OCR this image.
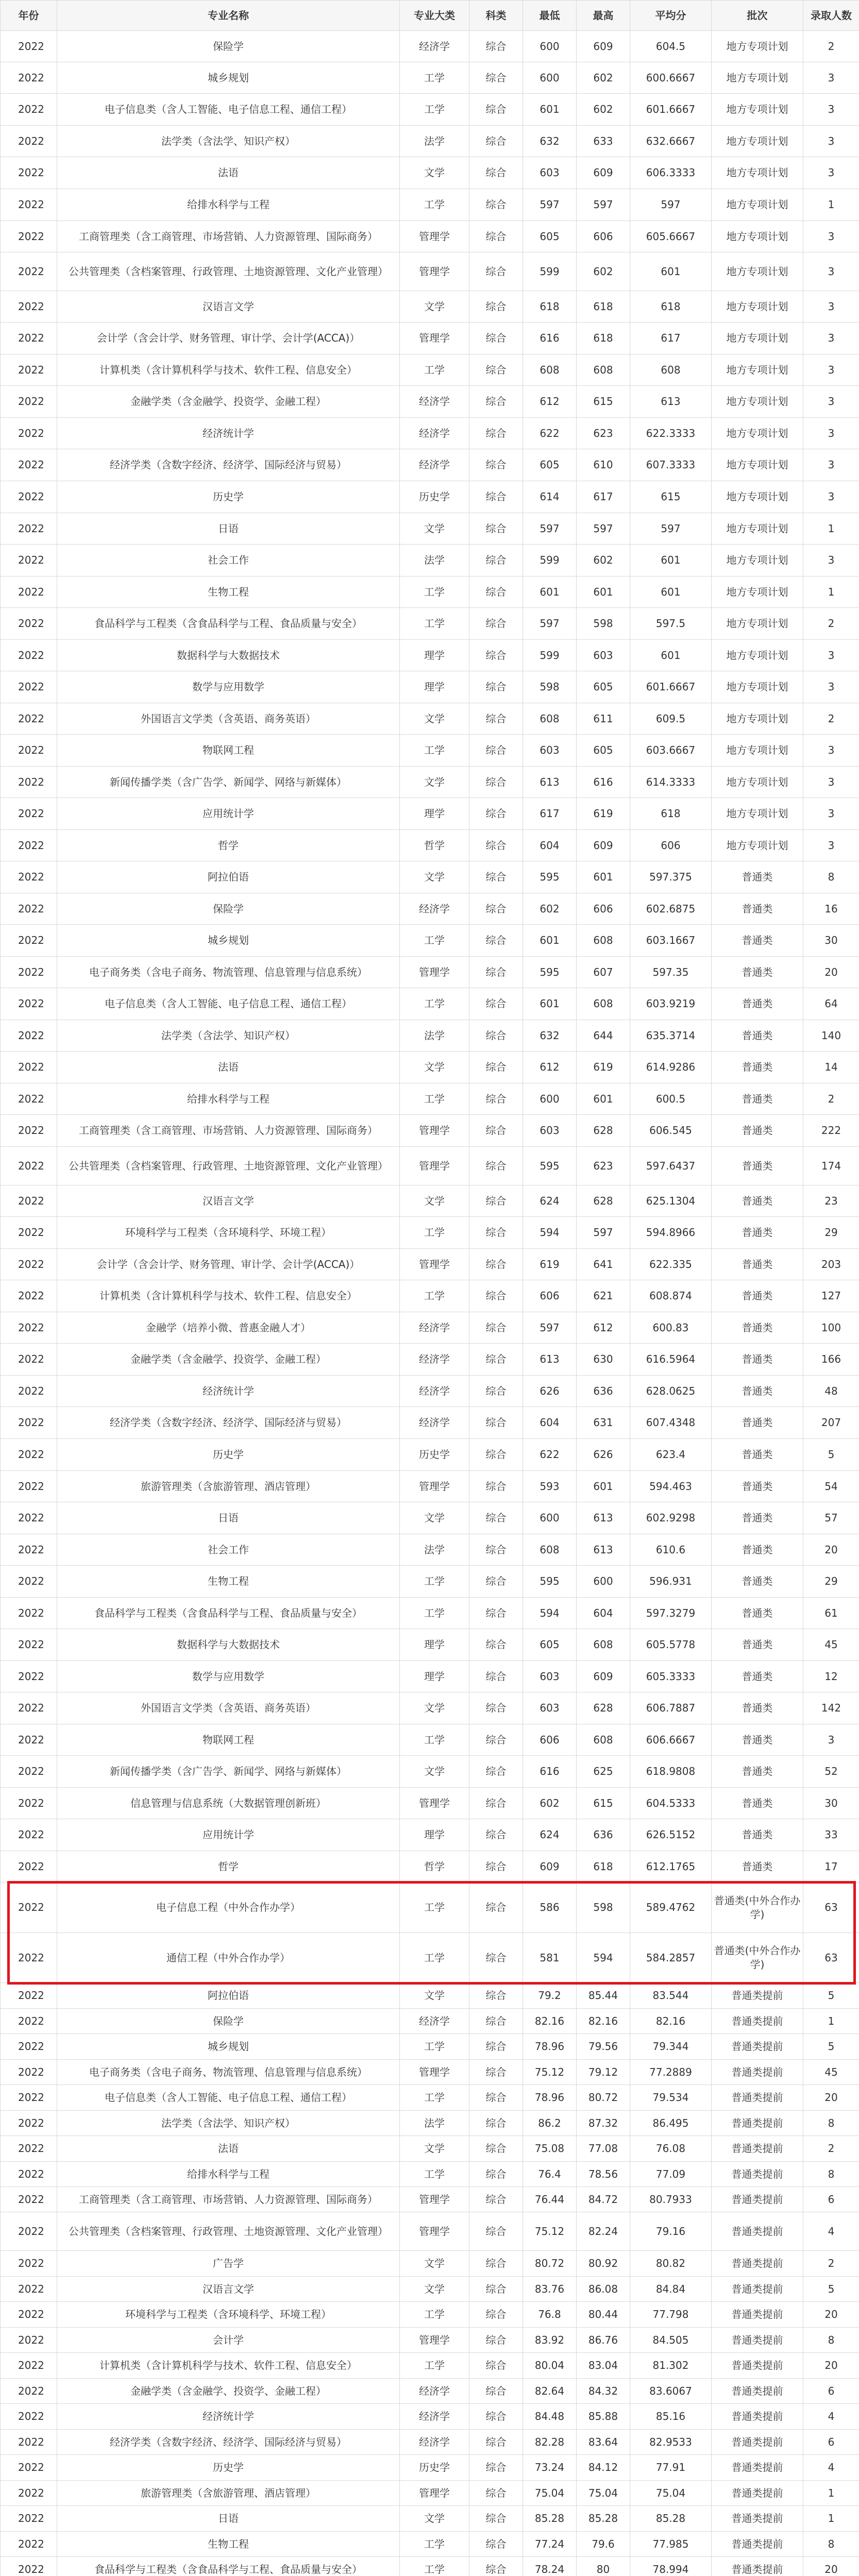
年份	专业名称	专业大类	科类	最低	最高	平均分	批次	录取人数
2022	保险学	经济学	综合	600	609	604.5	地方专项计划	2
2022	城乡规划	工学	综合	600	602	600.6667	地方专项计划	3
2022	电子信息类（含人工智能、电子信息工程、通信工程）	工学	综合	601	602	601.6667	地方专项计划	3
2022	法学类（含法学、知识产权）	法学	综合	632	633	632.6667	地方专项计划	3
2022	法语	文学	综合	603	609	606.3333	地方专项计划	3
2022	给排水科学与工程	工学	综合	597	597	597	地方专项计划	1
2022	工商管理类（含工商管理、市场营销、人力资源管理、国际商务）	管理学	综合	605	606	605.6667	地方专项计划	3
2022	公共管理类（含档案管理、行政管理、土地资源管理、文化产业管理）	管理学	综合	599	602	601	地方专项计划	3
2022	汉语言文学	文学	综合	618	618	618	地方专项计划	3
2022	会计学（含会计学、财务管理、审计学、会计学(ACCA)）	管理学	综合	616	618	617	地方专项计划	3
2022	计算机类（含计算机科学与技术、软件工程、信息安全）	工学	综合	608	608	608	地方专项计划	3
2022	金融学类（含金融学、投资学、金融工程）	经济学	综合	612	615	613	地方专项计划	3
2022	经济统计学	经济学	综合	622	623	622.3333	地方专项计划	3
2022	经济学类（含数字经济、经济学、国际经济与贸易）	经济学	综合	605	610	607.3333	地方专项计划	3
2022	历史学	历史学	综合	614	617	615	地方专项计划	3
2022	日语	文学	综合	597	597	597	地方专项计划	1
2022	社会工作	法学	综合	599	602	601	地方专项计划	3
2022	生物工程	工学	综合	601	601	601	地方专项计划	1
2022	食品科学与工程类（含食品科学与工程、食品质量与安全）	工学	综合	597	598	597.5	地方专项计划	2
2022	数据科学与大数据技术	理学	综合	599	603	601	地方专项计划	3
2022	数学与应用数学	理学	综合	598	605	601.6667	地方专项计划	3
2022	外国语言文学类（含英语、商务英语）	文学	综合	608	611	609.5	地方专项计划	2
2022	物联网工程	工学	综合	603	605	603.6667	地方专项计划	3
2022	新闻传播学类（含广告学、新闻学、网络与新媒体）	文学	综合	613	616	614.3333	地方专项计划	3
2022	应用统计学	理学	综合	617	619	618	地方专项计划	3
2022	哲学	哲学	综合	604	609	606	地方专项计划	3
2022	阿拉伯语	文学	综合	595	601	597.375	普通类	8
2022	保险学	经济学	综合	602	606	602.6875	普通类	16
2022	城乡规划	工学	综合	601	608	603.1667	普通类	30
2022	电子商务类（含电子商务、物流管理、信息管理与信息系统）	管理学	综合	595	607	597.35	普通类	20
2022	电子信息类（含人工智能、电子信息工程、通信工程）	工学	综合	601	608	603.9219	普通类	64
2022	法学类（含法学、知识产权）	法学	综合	632	644	635.3714	普通类	140
2022	法语	文学	综合	612	619	614.9286	普通类	14
2022	给排水科学与工程	工学	综合	600	601	600.5	普通类	2
2022	工商管理类（含工商管理、市场营销、人力资源管理、国际商务）	管理学	综合	603	628	606.545	普通类	222
2022	公共管理类（含档案管理、行政管理、土地资源管理、文化产业管理）	管理学	综合	595	623	597.6437	普通类	174
2022	汉语言文学	文学	综合	624	628	625.1304	普通类	23
2022	环境科学与工程类（含环境科学、环境工程）	工学	综合	594	597	594.8966	普通类	29
2022	会计学（含会计学、财务管理、审计学、会计学(ACCA)）	管理学	综合	619	641	622.335	普通类	203
2022	计算机类（含计算机科学与技术、软件工程、信息安全）	工学	综合	606	621	608.874	普通类	127
2022	金融学（培养小微、普惠金融人才）	经济学	综合	597	612	600.83	普通类	100
2022	金融学类（含金融学、投资学、金融工程）	经济学	综合	613	630	616.5964	普通类	166
2022	经济统计学	经济学	综合	626	636	628.0625	普通类	48
2022	经济学类（含数字经济、经济学、国际经济与贸易）	经济学	综合	604	631	607.4348	普通类	207
2022	历史学	历史学	综合	622	626	623.4	普通类	5
2022	旅游管理类（含旅游管理、酒店管理）	管理学	综合	593	601	594.463	普通类	54
2022	日语	文学	综合	600	613	602.9298	普通类	57
2022	社会工作	法学	综合	608	613	610.6	普通类	20
2022	生物工程	工学	综合	595	600	596.931	普通类	29
2022	食品科学与工程类（含食品科学与工程、食品质量与安全）	工学	综合	594	604	597.3279	普通类	61
2022	数据科学与大数据技术	理学	综合	605	608	605.5778	普通类	45
2022	数学与应用数学	理学	综合	603	609	605.3333	普通类	12
2022	外国语言文学类（含英语、商务英语）	文学	综合	603	628	606.7887	普通类	142
2022	物联网工程	工学	综合	606	608	606.6667	普通类	3
2022	新闻传播学类（含广告学、新闻学、网络与新媒体）	文学	综合	616	625	618.9808	普通类	52
2022	信息管理与信息系统（大数据管理创新班）	管理学	综合	602	615	604.5333	普通类	30
2022	应用统计学	理学	综合	624	636	626.5152	普通类	33
2022	哲学	哲学	综合	609	618	612.1765	普通类	17
2022	电子信息工程（中外合作办学）	工学	综合	586	598	589.4762	普通类(中外合作办学)	63
2022	通信工程（中外合作办学）	工学	综合	581	594	584.2857	普通类(中外合作办学)	63
2022	阿拉伯语	文学	综合	79.2	85.44	83.544	普通类提前	5
2022	保险学	经济学	综合	82.16	82.16	82.16	普通类提前	1
2022	城乡规划	工学	综合	78.96	79.56	79.344	普通类提前	5
2022	电子商务类（含电子商务、物流管理、信息管理与信息系统）	管理学	综合	75.12	79.12	77.2889	普通类提前	45
2022	电子信息类（含人工智能、电子信息工程、通信工程）	工学	综合	78.96	80.72	79.534	普通类提前	20
2022	法学类（含法学、知识产权）	法学	综合	86.2	87.32	86.495	普通类提前	8
2022	法语	文学	综合	75.08	77.08	76.08	普通类提前	2
2022	给排水科学与工程	工学	综合	76.4	78.56	77.09	普通类提前	8
2022	工商管理类（含工商管理、市场营销、人力资源管理、国际商务）	管理学	综合	76.44	84.72	80.7933	普通类提前	6
2022	公共管理类（含档案管理、行政管理、土地资源管理、文化产业管理）	管理学	综合	75.12	82.24	79.16	普通类提前	4
2022	广告学	文学	综合	80.72	80.92	80.82	普通类提前	2
2022	汉语言文学	文学	综合	83.76	86.08	84.84	普通类提前	5
2022	环境科学与工程类（含环境科学、环境工程）	工学	综合	76.8	80.44	77.798	普通类提前	20
2022	会计学	管理学	综合	83.92	86.76	84.505	普通类提前	8
2022	计算机类（含计算机科学与技术、软件工程、信息安全）	工学	综合	80.04	83.04	81.302	普通类提前	20
2022	金融学类（含金融学、投资学、金融工程）	经济学	综合	82.64	84.32	83.6067	普通类提前	6
2022	经济统计学	经济学	综合	84.48	85.88	85.16	普通类提前	4
2022	经济学类（含数字经济、经济学、国际经济与贸易）	经济学	综合	82.28	83.64	82.9533	普通类提前	6
2022	历史学	历史学	综合	73.24	84.12	77.91	普通类提前	4
2022	旅游管理类（含旅游管理、酒店管理）	管理学	综合	75.04	75.04	75.04	普通类提前	1
2022	日语	文学	综合	85.28	85.28	85.28	普通类提前	1
2022	生物工程	工学	综合	77.24	79.6	77.985	普通类提前	8
2022	食品科学与工程类（含食品科学与工程、食品质量与安全）	工学	综合	78.24	80	78.994	普通类提前	20
